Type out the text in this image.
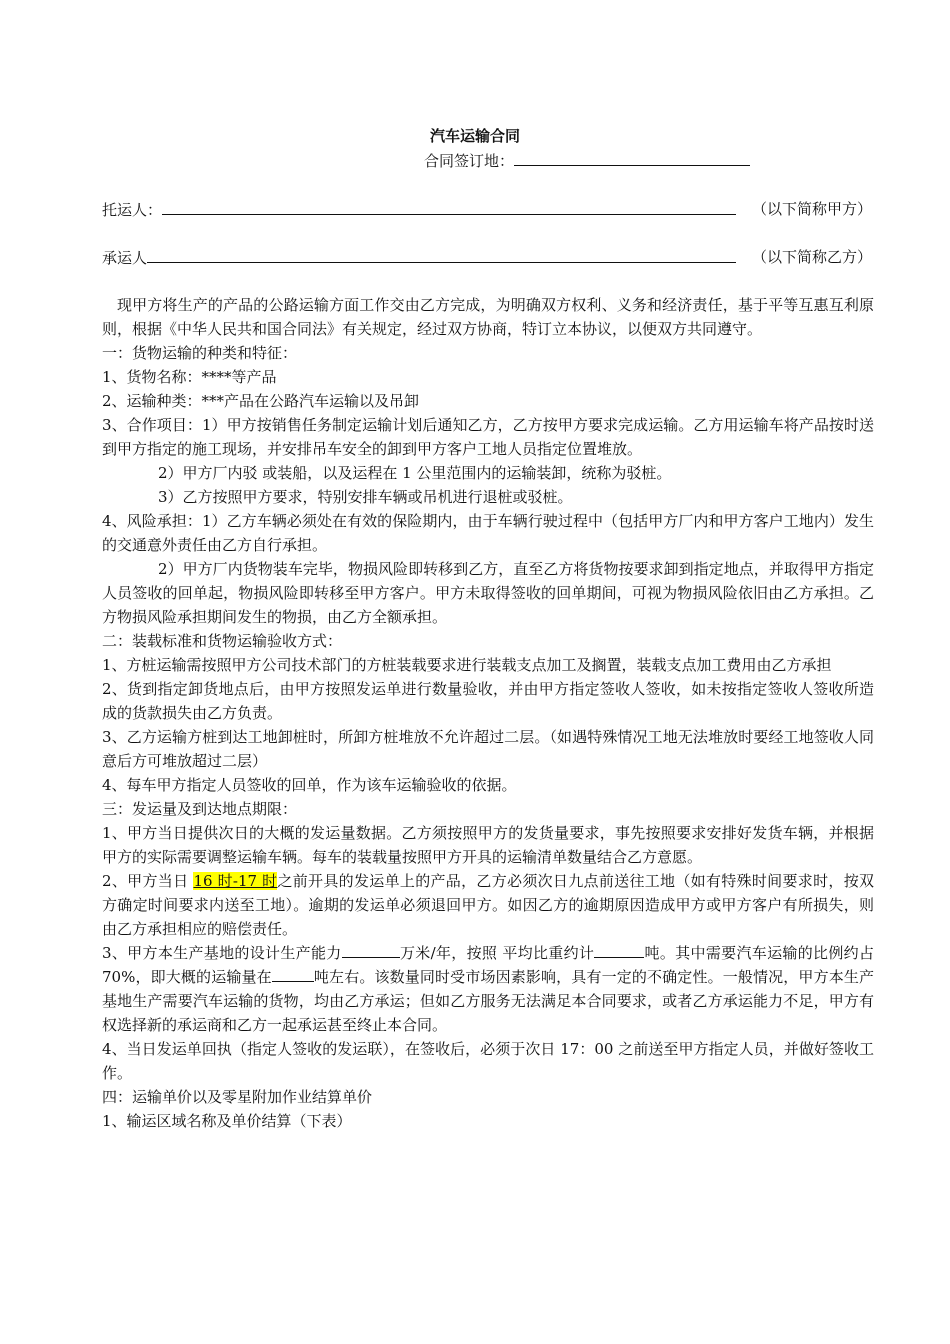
汽车运输合同
合同签订地：
托运人：	（以下简称甲方）
承运人	（以下简称乙方）

现甲方将生产的产品的公路运输方面工作交由乙方完成，为明确双方权利、义务和经济责任，基于平等互惠互利原则，根据《中华人民共和国合同法》有关规定，经过双方协商，特订立本协议，以便双方共同遵守。

一：货物运输的种类和特征：

1、货物名称：****等产品

2、运输种类：***产品在公路汽车运输以及吊卸

3、合作项目：1）甲方按销售任务制定运输计划后通知乙方，乙方按甲方要求完成运输。乙方用运输车将产品按时送到甲方指定的施工现场，并安排吊车安全的卸到甲方客户工地人员指定位置堆放。

2）甲方厂内驳 或装船，以及运程在 1 公里范围内的运输装卸，统称为驳桩。

3）乙方按照甲方要求，特别安排车辆或吊机进行退桩或驳桩。

4、风险承担：1）乙方车辆必须处在有效的保险期内，由于车辆行驶过程中（包括甲方厂内和甲方客户工地内）发生的交通意外责任由乙方自行承担。

2）甲方厂内货物装车完毕，物损风险即转移到乙方，直至乙方将货物按要求卸到指定地点，并取得甲方指定人员签收的回单起，物损风险即转移至甲方客户。甲方未取得签收的回单期间，可视为物损风险依旧由乙方承担。乙方物损风险承担期间发生的物损，由乙方全额承担。

二：装载标准和货物运输验收方式：

1、方桩运输需按照甲方公司技术部门的方桩装载要求进行装载支点加工及搁置，装载支点加工费用由乙方承担

2、货到指定卸货地点后，由甲方按照发运单进行数量验收，并由甲方指定签收人签收，如未按指定签收人签收所造成的货款损失由乙方负责。

3、乙方运输方桩到达工地卸桩时，所卸方桩堆放不允许超过二层。（如遇特殊情况工地无法堆放时要经工地签收人同意后方可堆放超过二层）

4、每车甲方指定人员签收的回单，作为该车运输验收的依据。

三：发运量及到达地点期限：

1、甲方当日提供次日的大概的发运量数据。乙方须按照甲方的发货量要求，事先按照要求安排好发货车辆，并根据甲方的实际需要调整运输车辆。每车的装载量按照甲方开具的运输清单数量结合乙方意愿。

2、甲方当日 16 时-17 时之前开具的发运单上的产品，乙方必须次日九点前送往工地（如有特殊时间要求时，按双方确定时间要求内送至工地）。逾期的发运单必须退回甲方。如因乙方的逾期原因造成甲方或甲方客户有所损失，则由乙方承担相应的赔偿责任。

3、甲方本生产基地的设计生产能力	万米/年，按照 平均比重约计	吨。其中需要汽车运输的比例约占 70%，即大概的运输量在	吨左右。该数量同时受市场因素影响，具有一定的不确定性。一般情况，甲方本生产基地生产需要汽车运输的货物，均由乙方承运；但如乙方服务无法满足本合同要求，或者乙方承运能力不足，甲方有权选择新的承运商和乙方一起承运甚至终止本合同。

4、当日发运单回执（指定人签收的发运联），在签收后，必须于次日 17：00 之前送至甲方指定人员，并做好签收工作。

四：运输单价以及零星附加作业结算单价

1、输运区域名称及单价结算（下表）
